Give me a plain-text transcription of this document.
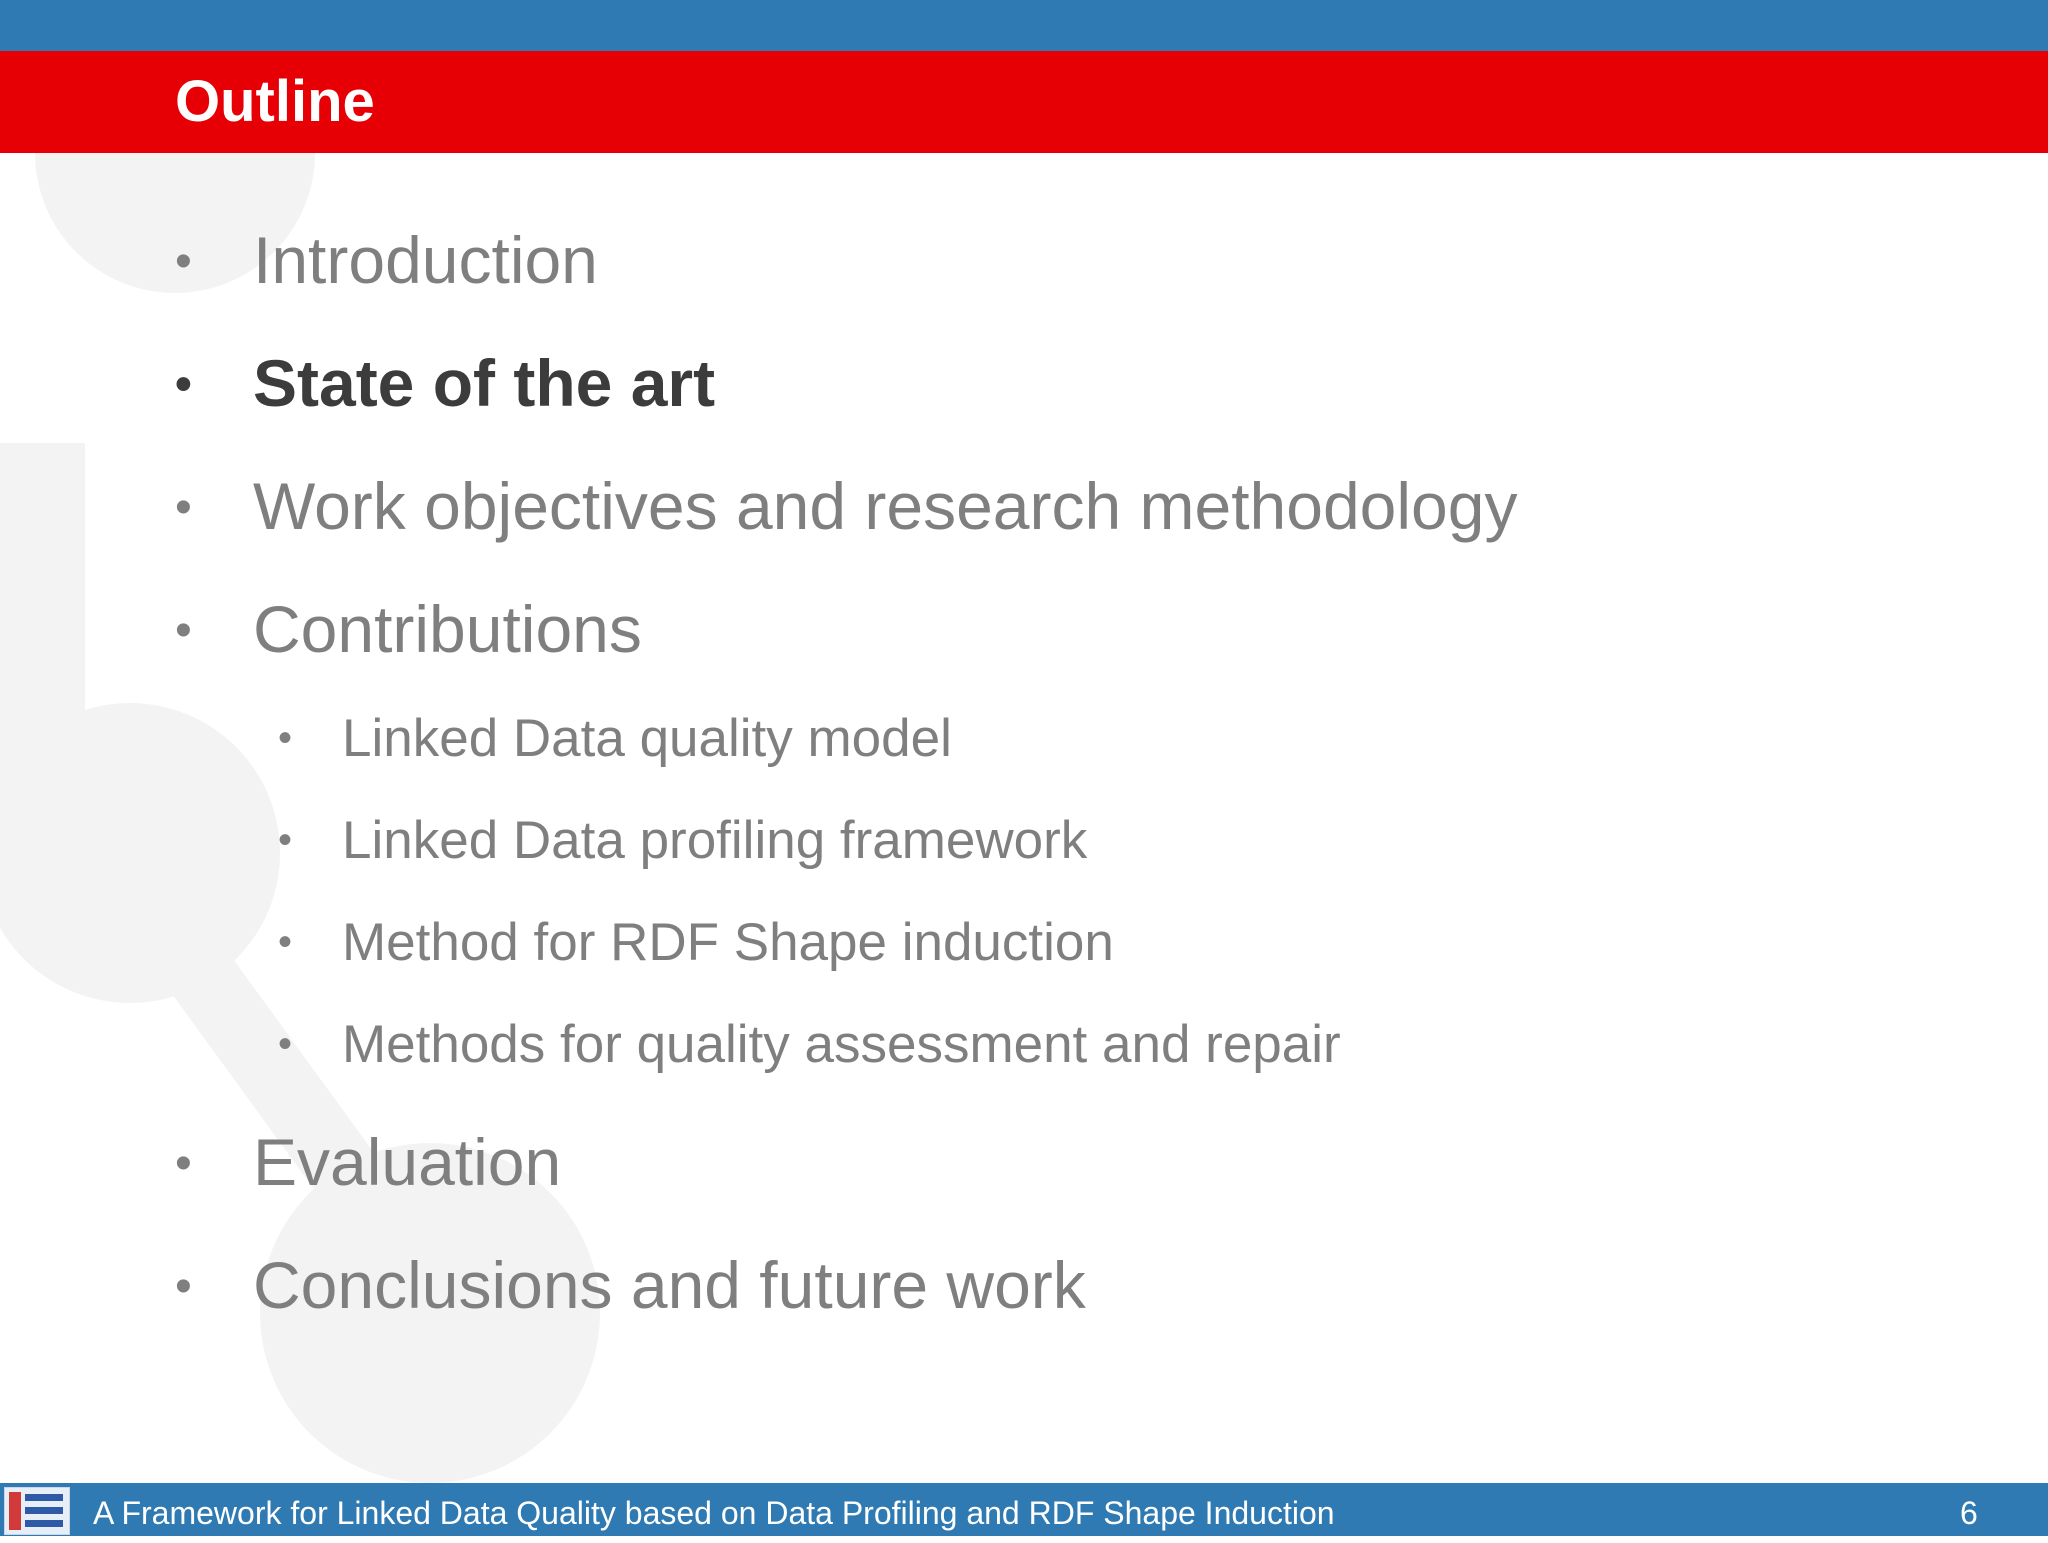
Outline
• Introduction
• State of the art
• Work objectives and research methodology
• Contributions
• Linked Data quality model
• Linked Data profiling framework
• Method for RDF Shape induction
• Methods for quality assessment and repair
• Evaluation
• Conclusions and future work
A Framework for Linked Data Quality based on Data Profiling and RDF Shape Induction	6
